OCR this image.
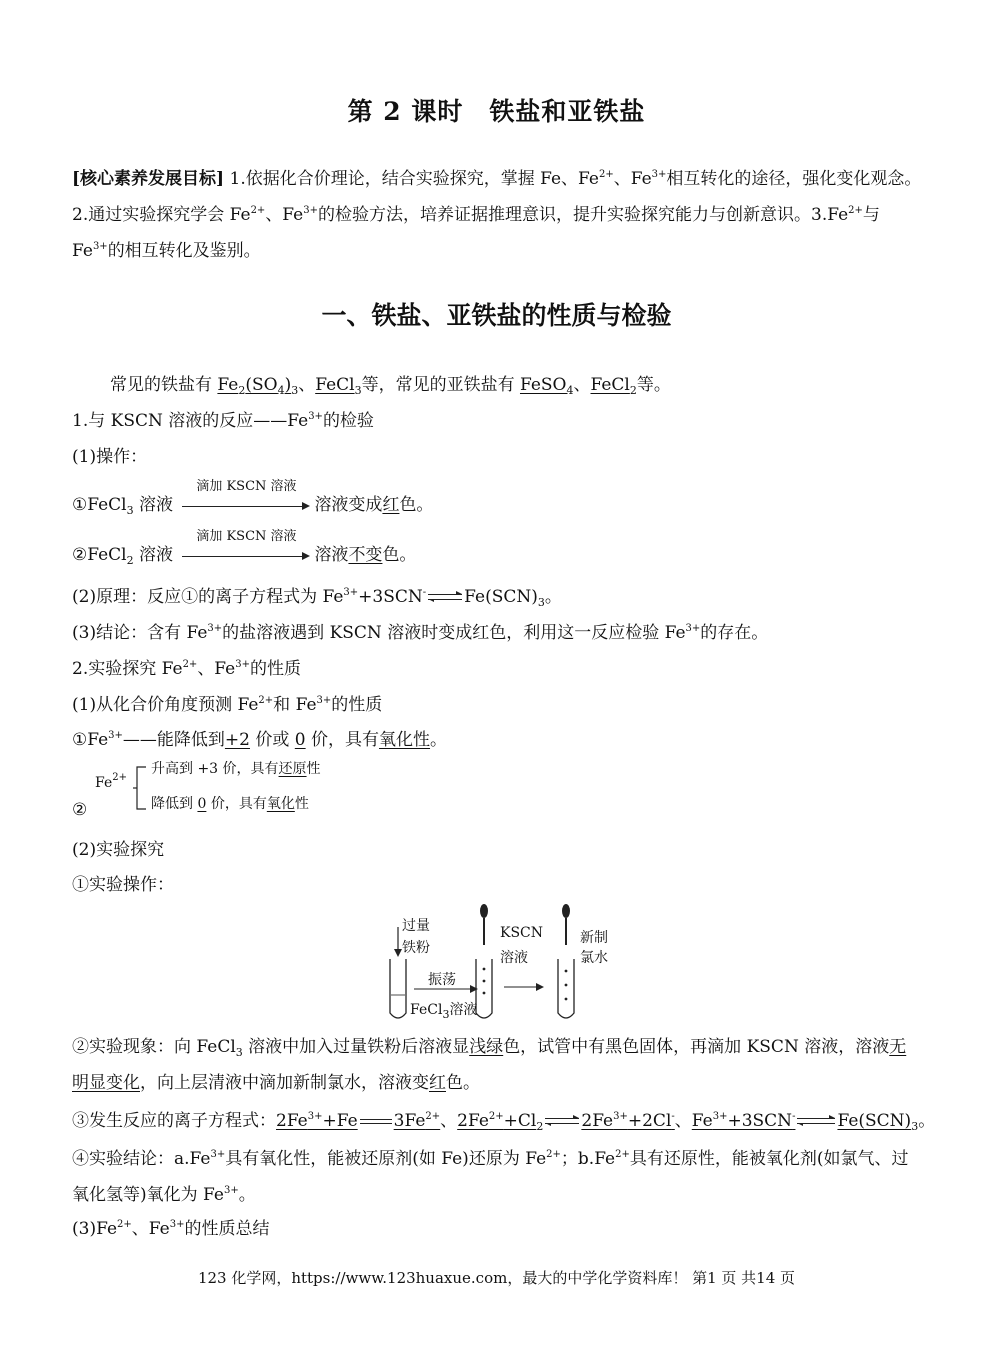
第 2 课时 铁盐和亚铁盐
[核心素养发展目标] 1.依据化合价理论，结合实验探究，掌握 Fe、$Fe^{2+}$、$Fe^{3+}$相互转化的途径，强化变化观念。2.通过实验探究学会 $Fe^{2+}$、$Fe^{3+}$的检验方法，培养证据推理意识，提升实验探究能力与创新意识。$3.Fe^{2+}$与 $Fe^{3+}$的相互转化及鉴别。
一、铁盐、亚铁盐的性质与检验
常见的铁盐有 $Fe_2(SO_4)_3$、FeCl$_3$等，常见的亚铁盐有 FeSO$_4$、FeCl$_2$等。
1.与 KSCN 溶液的反应$——Fe^{3+}$的检验
(1)操作：
①FeCl$_3$ 溶液
滴加 KSCN 溶液
溶液变成红色。
②FeCl$_2$ 溶液
滴加 KSCN 溶液
溶液不变色。
(2)原理：反应①的离子方程式为 $Fe^{3+}+3SCN^-$ ⇌ $Fe(SCN)_3$。
(3)结论：含有 $Fe^{3+}$的盐溶液遇到 KSCN 溶液时变成红色，利用这一反应检验 $Fe^{3+}$的存在。
2.实验探究 $Fe^{2+}$、$Fe^{3+}$的性质
(1)从化合价角度预测 $Fe^{2+}$和 $Fe^{3+}$的性质
$①Fe^{3+}——$能降低到+2 价或 0 价，具有氧化性。
$Fe^{2+}$
升高到 +3 价，具有还原性
降低到 0 价，具有氧化性
②
(2)实验探究
①实验操作：
过量
铁粉
振荡
KSCN
溶液
新制
氯水
FeCl$_3$溶液
②实验现象：向 FeCl$_3$ 溶液中加入过量铁粉后溶液显浅绿色，试管中有黑色固体，再滴加 KSCN 溶液，溶液无明显变化，向上层清液中滴加新制氯水，溶液变红色。
③发生反应的离子方程式：$2Fe^{3+}+Fe$ $3Fe^{2+}$、$2Fe^{2+}+Cl_2$ $2Fe^{3+}+2Cl^-$、$Fe^{3+}+3SCN^-$ $Fe(SCN)_3$。
④实验结论：$a.Fe^{3+}$具有氧化性，能被还原剂(如 Fe)还原为 $Fe^{2+}$；$b.Fe^{2+}$具有还原性，能被氧化剂(如氯气、过氧化氢等)氧化为 $Fe^{3+}$。
$(3)Fe^{2+}$、$Fe^{3+}$的性质总结
123 化学网，https://www.123huaxue.com，最大的中学化学资料库！ 第1 页 共14 页
